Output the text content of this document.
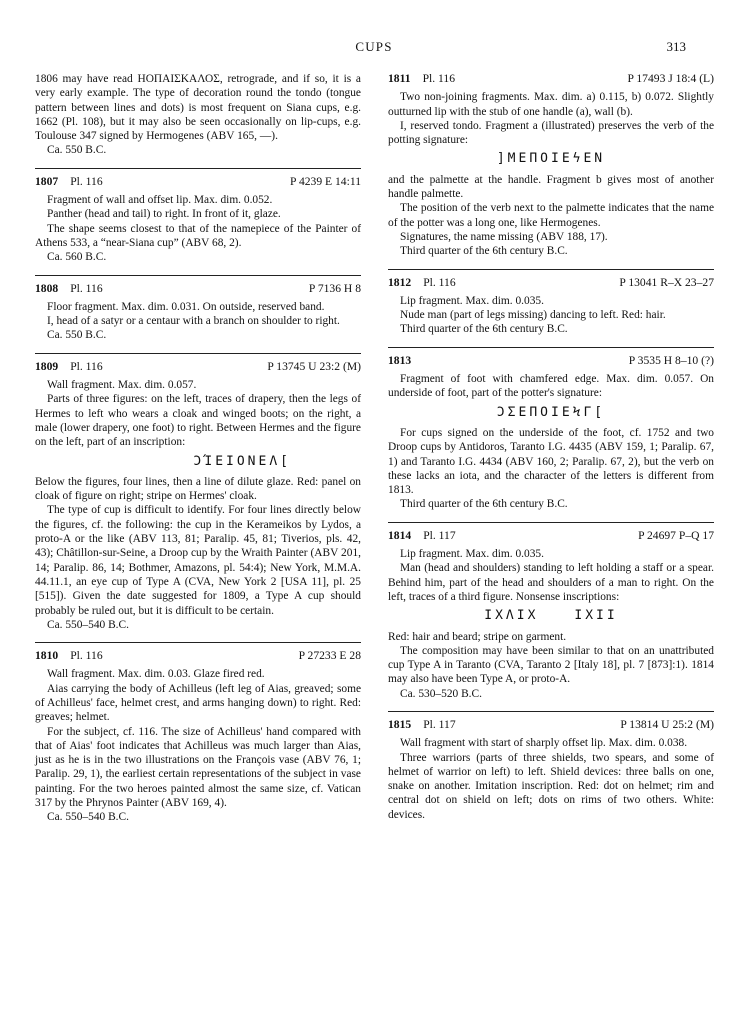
CUPS	313

1806 may have read ΗΟΠΑΙΣΚΑΛΟΣ, retrograde, and if so, it is a very early example. The type of decoration round the tondo (tongue pattern between lines and dots) is most frequent on Siana cups, e.g. 1662 (Pl. 108), but it may also be seen occasionally on lip-cups, e.g. Toulouse 347 signed by Hermogenes (ABV 165, —).

Ca. 550 B.C.

1807 Pl. 116	P 4239 E 14:11

Fragment of wall and offset lip. Max. dim. 0.052.

Panther (head and tail) to right. In front of it, glaze.

The shape seems closest to that of the namepiece of the Painter of Athens 533, a “near-Siana cup” (ABV 68, 2).

Ca. 560 B.C.

1808 Pl. 116	P 7136 H 8

Floor fragment. Max. dim. 0.031. On outside, reserved band.

I, head of a satyr or a centaur with a branch on shoulder to right.

Ca. 550 B.C.

1809 Pl. 116	P 13745 U 23:2 (M)

Wall fragment. Max. dim. 0.057.

Parts of three figures: on the left, traces of drapery, then the legs of Hermes to left who wears a cloak and winged boots; on the right, a male (lower drapery, one foot) to right. Between Hermes and the figure on the left, part of an inscription:

ϽΊΕΙΟΝΕΛ[

Below the figures, four lines, then a line of dilute glaze. Red: panel on cloak of figure on right; stripe on Hermes' cloak.

The type of cup is difficult to identify. For four lines directly below the figures, cf. the following: the cup in the Kerameikos by Lydos, a proto-A or the like (ABV 113, 81; Paralip. 45, 81; Tiverios, pls. 42, 43); Châtillon-sur-Seine, a Droop cup by the Wraith Painter (ABV 201, 14; Paralip. 86, 14; Bothmer, Amazons, pl. 54:4); New York, M.M.A. 44.11.1, an eye cup of Type A (CVA, New York 2 [USA 11], pl. 25 [515]). Given the date suggested for 1809, a Type A cup should probably be ruled out, but it is difficult to be certain.

Ca. 550–540 B.C.

1810 Pl. 116	P 27233 E 28

Wall fragment. Max. dim. 0.03. Glaze fired red.

Aias carrying the body of Achilleus (left leg of Aias, greaved; some of Achilleus' face, helmet crest, and arms hanging down) to right. Red: greaves; helmet.

For the subject, cf. 116. The size of Achilleus' hand compared with that of Aias' foot indicates that Achilleus was much larger than Aias, just as he is in the two illustrations on the François vase (ABV 76, 1; Paralip. 29, 1), the earliest certain representations of the subject in vase painting. For the two heroes painted almost the same size, cf. Vatican 317 by the Phrynos Painter (ABV 169, 4).

Ca. 550–540 B.C.

1811 Pl. 116	P 17493 J 18:4 (L)

Two non-joining fragments. Max. dim. a) 0.115, b) 0.072. Slightly outturned lip with the stub of one handle (a), wall (b).

I, reserved tondo. Fragment a (illustrated) preserves the verb of the potting signature:

]ΜΕΠΟΙΕϟΕΝ

and the palmette at the handle. Fragment b gives most of another handle palmette.

The position of the verb next to the palmette indicates that the name of the potter was a long one, like Hermogenes.

Signatures, the name missing (ABV 188, 17).

Third quarter of the 6th century B.C.

1812 Pl. 116	P 13041 R–X 23–27

Lip fragment. Max. dim. 0.035.

Nude man (part of legs missing) dancing to left. Red: hair.

Third quarter of the 6th century B.C.

1813	P 3535 H 8–10 (?)

Fragment of foot with chamfered edge. Max. dim. 0.057. On underside of foot, part of the potter's signature:

ϽΣΕΠΟΙΕϞΓ[

For cups signed on the underside of the foot, cf. 1752 and two Droop cups by Antidoros, Taranto I.G. 4435 (ABV 159, 1; Paralip. 67, 1) and Taranto I.G. 4434 (ABV 160, 2; Paralip. 67, 2), but the verb on these lacks an iota, and the character of the letters is different from 1813.

Third quarter of the 6th century B.C.

1814 Pl. 117	P 24697 P–Q 17

Lip fragment. Max. dim. 0.035.

Man (head and shoulders) standing to left holding a staff or a spear. Behind him, part of the head and shoulders of a man to right. On the left, traces of a third figure. Nonsense inscriptions:

ΙΧΛΙΧ	ΙΧΙΙ

Red: hair and beard; stripe on garment.

The composition may have been similar to that on an unattributed cup Type A in Taranto (CVA, Taranto 2 [Italy 18], pl. 7 [873]:1). 1814 may also have been Type A, or proto-A.

Ca. 530–520 B.C.

1815 Pl. 117	P 13814 U 25:2 (M)

Wall fragment with start of sharply offset lip. Max. dim. 0.038.

Three warriors (parts of three shields, two spears, and some of helmet of warrior on left) to left. Shield devices: three balls on one, snake on another. Imitation inscription. Red: dot on helmet; rim and central dot on shield on left; dots on rims of two others. White: devices.
